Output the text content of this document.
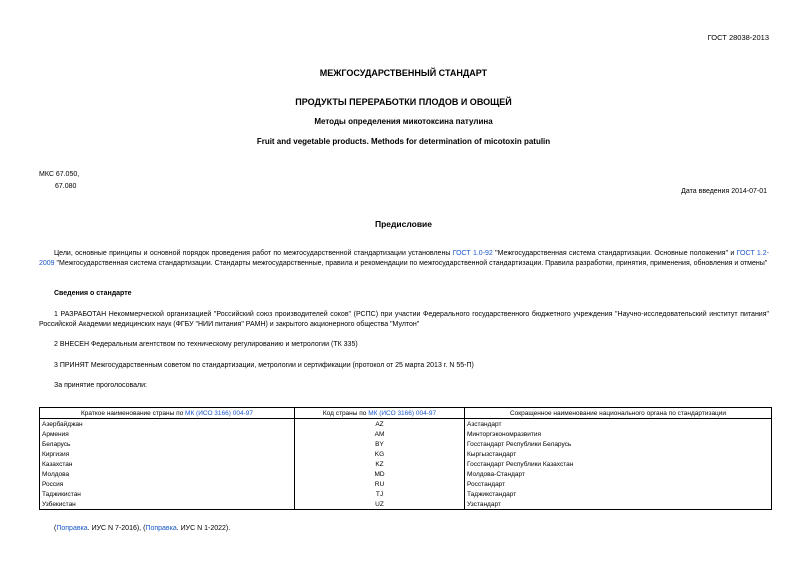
ГОСТ 28038-2013
МЕЖГОСУДАРСТВЕННЫЙ СТАНДАРТ
ПРОДУКТЫ ПЕРЕРАБОТКИ ПЛОДОВ И ОВОЩЕЙ
Методы определения микотоксина патулина
Fruit and vegetable products. Methods for determination of micotoxin patulin
МКС 67.050,
67.080
Дата введения 2014-07-01
Предисловие
Цели, основные принципы и основной порядок проведения работ по межгосударственной стандартизации установлены ГОСТ 1.0-92 "Межгосударственная система стандартизации. Основные положения" и ГОСТ 1.2-2009 "Межгосударственная система стандартизации. Стандарты межгосударственные, правила и рекомендации по межгосударственной стандартизации. Правила разработки, принятия, применения, обновления и отмены"
Сведения о стандарте
1 РАЗРАБОТАН Некоммерческой организацией "Российский союз производителей соков" (РСПС) при участии Федерального государственного бюджетного учреждения "Научно-исследовательский институт питания" Российской Академии медицинских наук (ФГБУ "НИИ питания" РАМН) и закрытого акционерного общества "Мултон"
2 ВНЕСЕН Федеральным агентством по техническому регулированию и метрологии (ТК 335)
3 ПРИНЯТ Межгосударственным советом по стандартизации, метрологии и сертификации (протокол от 25 марта 2013 г. N 55-П)
За принятие проголосовали:
Краткое наименование страны по МК (ИСО 3166) 004-97	Код страны по МК (ИСО 3166) 004-97	Сокращенное наименование национального органа по стандартизации
Азербайджан	AZ	Азстандарт
Армения	AM	Минторгэкономразвития
Беларусь	BY	Госстандарт Республики Беларусь
Киргизия	KG	Кыргызстандарт
Казахстан	KZ	Госстандарт Республики Казахстан
Молдова	MD	Молдова-Стандарт
Россия	RU	Росстандарт
Таджикистан	TJ	Таджикстандарт
Узбекистан	UZ	Узстандарт
(Поправка. ИУС N 7-2016), (Поправка. ИУС N 1-2022).
